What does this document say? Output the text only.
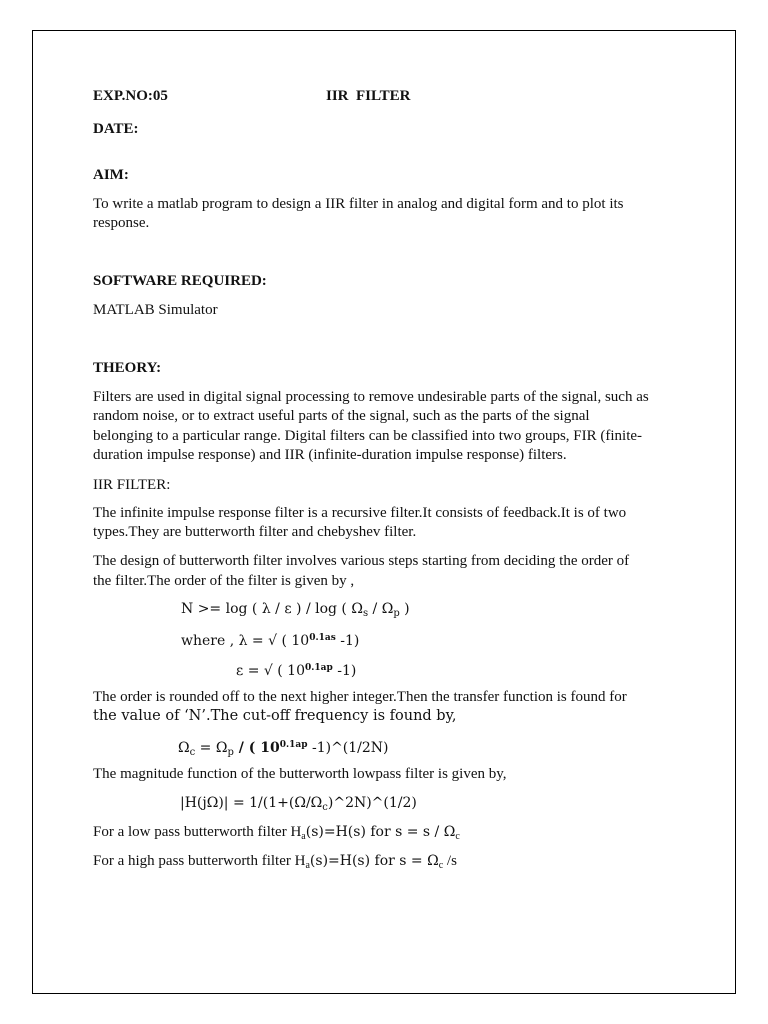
EXP.NO:05	IIR  FILTER
DATE:
AIM:
To write a matlab program to design a IIR filter in analog and digital form and to plot its
response.
SOFTWARE REQUIRED:
MATLAB Simulator
THEORY:
Filters are used in digital signal processing to remove undesirable parts of the signal, such as
random noise, or to extract useful parts of the signal, such as the parts of the signal
belonging to a particular range. Digital filters can be classified into two groups, FIR (finite-
duration impulse response) and IIR (infinite-duration impulse response) filters.
IIR FILTER:
The infinite impulse response filter is a recursive filter.It consists of feedback.It is of two
types.They are butterworth filter and chebyshev filter.
The design of butterworth filter involves various steps starting from deciding the order of
the filter.The order of the filter is given by ,
N >= log ( λ / ε ) / log ( $\Omega_s / \Omega_p$ )
where , λ = √ ( $10^{0.1as}$ -1)
ε = √ ( $10^{0.1ap}$ -1)
The order is rounded off to the next higher integer.Then the transfer function is found for
the value of ‘N’.The cut-off frequency is found by,
$\Omega_c = \Omega_p$ / ( $10^{0.1ap}$ -1)^(1/2N)
The magnitude function of the butterworth lowpass filter is given by,
$|H(j\Omega)| = 1/(1+(\Omega/\Omega_c)\^{}2N)\^{}(1/2)$
For a low pass butterworth filter $H_a(s)=H(s)$ for $s = s / \Omega_c$
For a high pass butterworth filter $H_a(s)=H(s)$ for $s = \Omega_c$ /s
